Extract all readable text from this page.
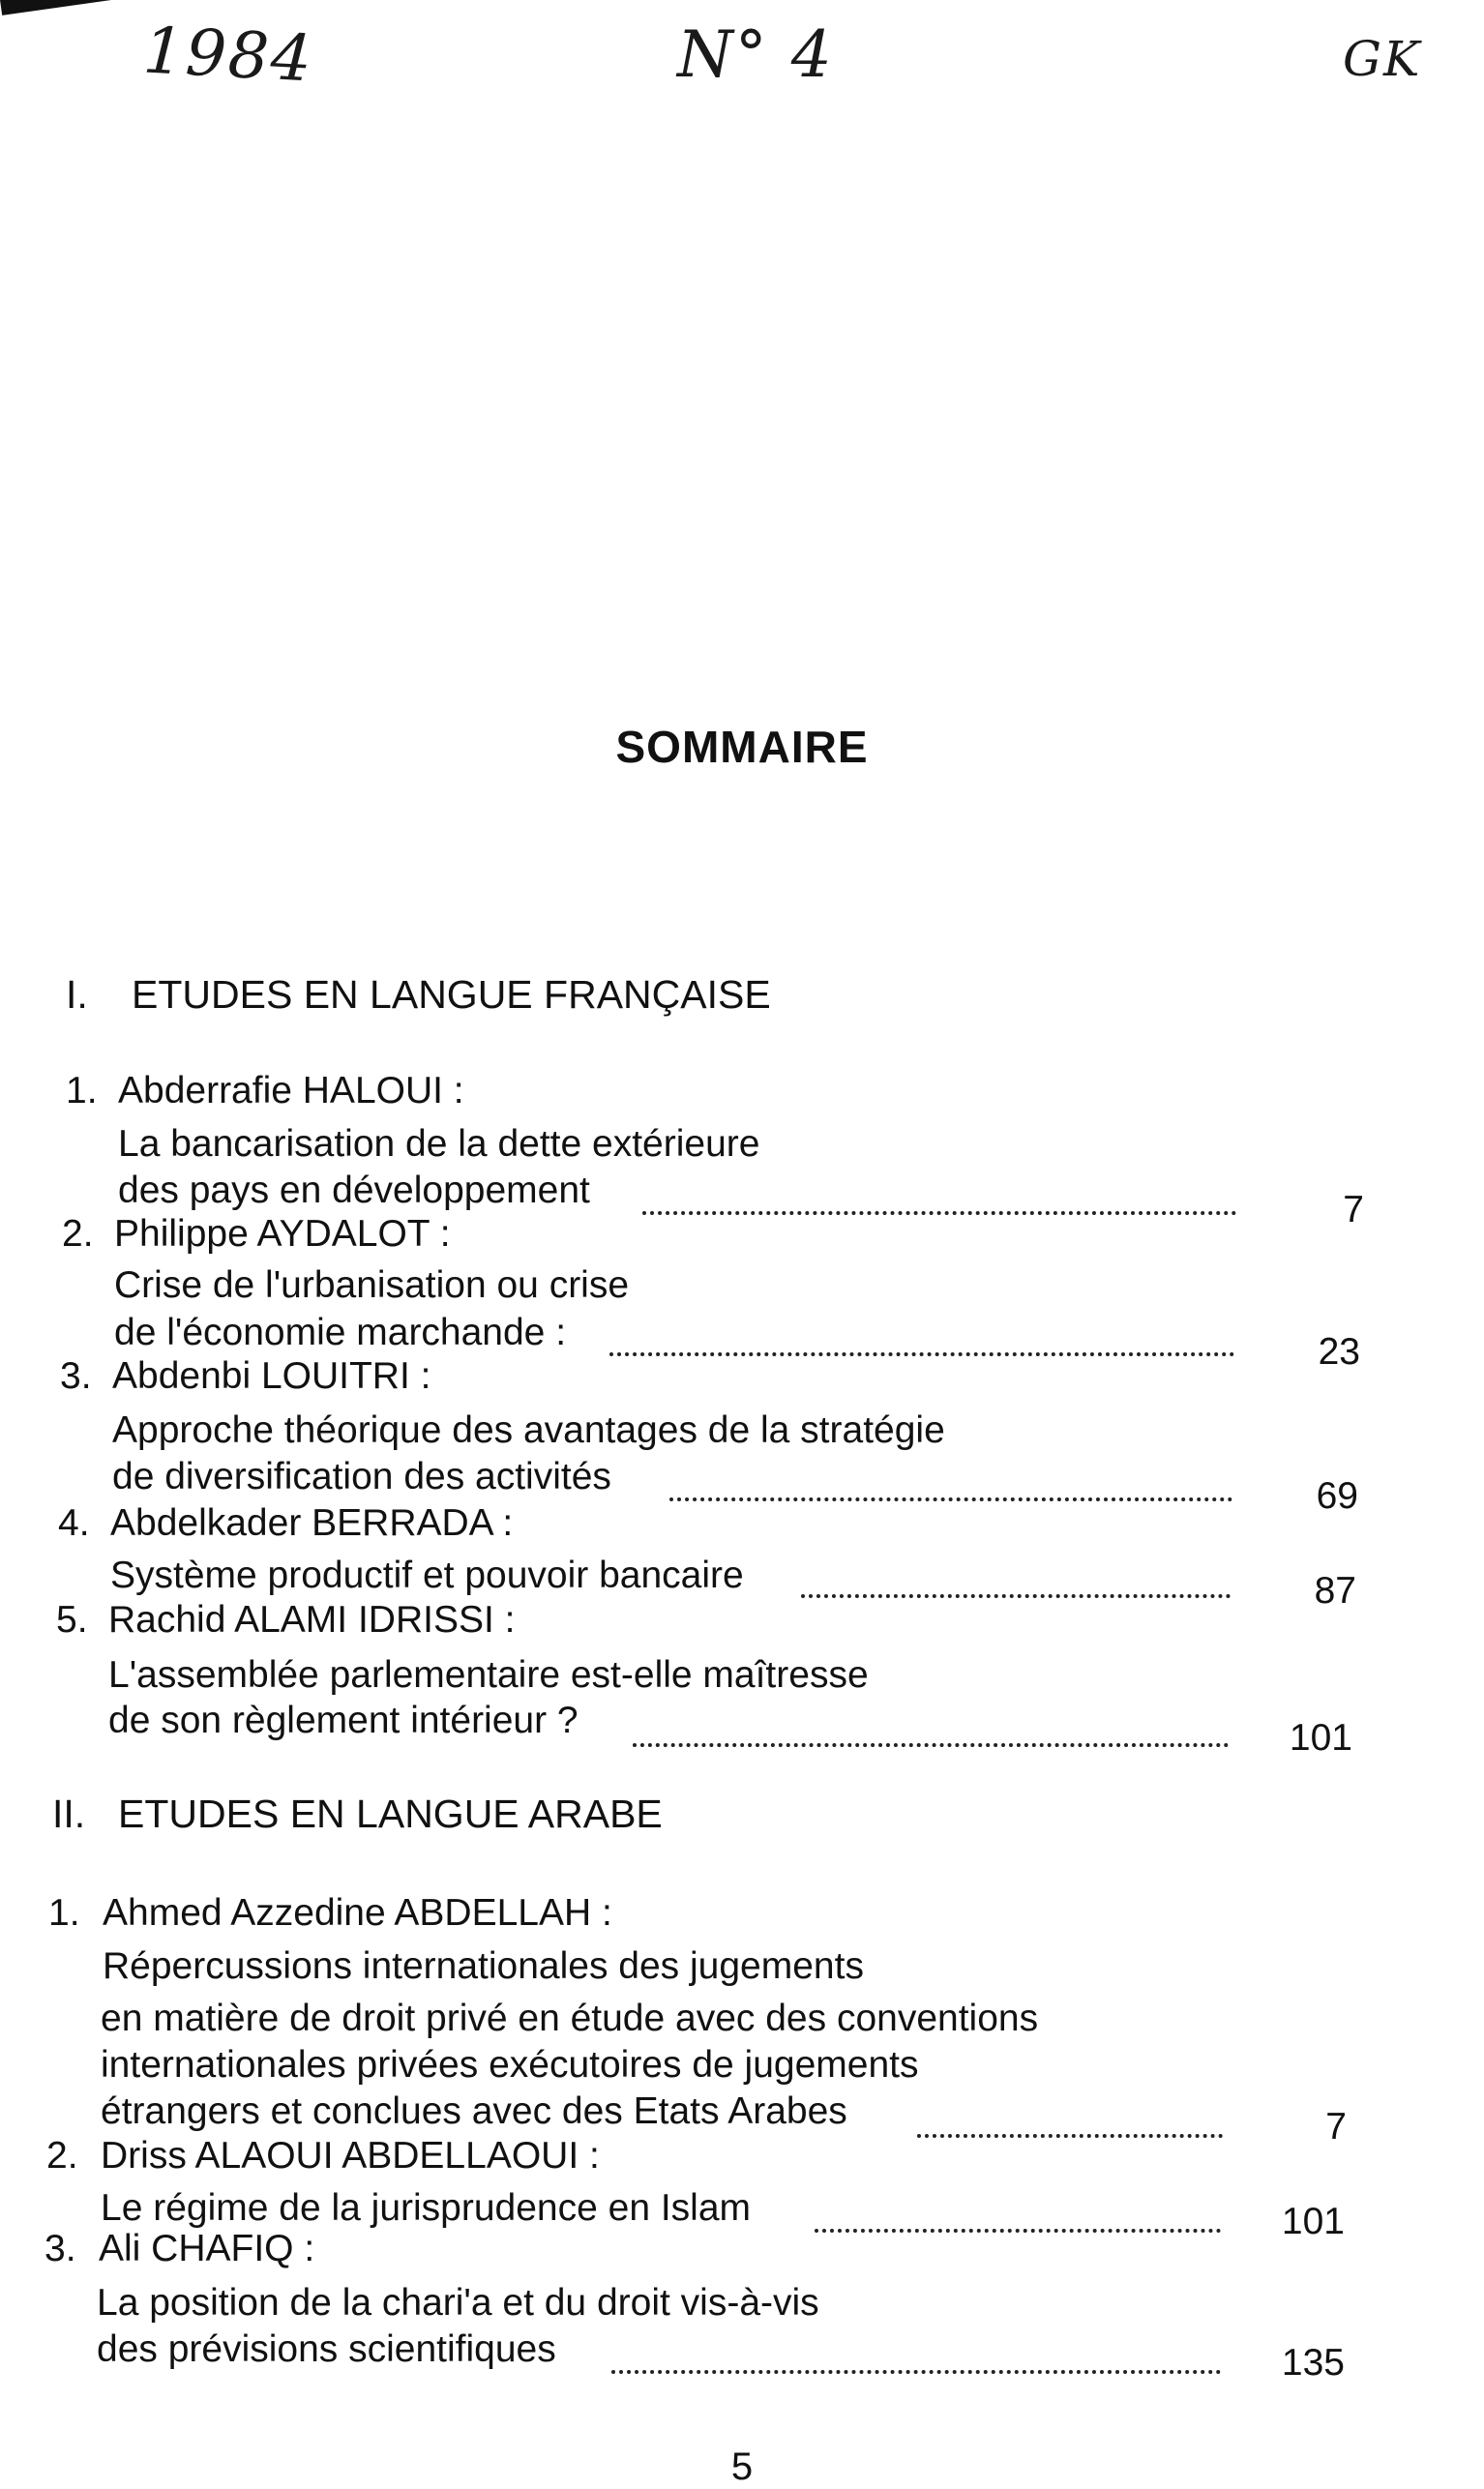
1984	N° 4	GK
SOMMAIRE
I. ETUDES EN LANGUE FRANÇAISE
1. Abderrafie HALOUI :
La bancarisation de la dette extérieure
des pays en développement	7
2. Philippe AYDALOT :
Crise de l'urbanisation ou crise
de l'économie marchande :	23
3. Abdenbi LOUITRI :
Approche théorique des avantages de la stratégie
de diversification des activités	69
4. Abdelkader BERRADA :
Système productif et pouvoir bancaire	87
5. Rachid ALAMI IDRISSI :
L'assemblée parlementaire est-elle maîtresse
de son règlement intérieur ?	101
II. ETUDES EN LANGUE ARABE
1. Ahmed Azzedine ABDELLAH :
Répercussions internationales des jugements
en matière de droit privé en étude avec des conventions
internationales privées exécutoires de jugements
étrangers et conclues avec des Etats Arabes	7
2. Driss ALAOUI ABDELLAOUI :
Le régime de la jurisprudence en Islam	101
3. Ali CHAFIQ :
La position de la chari'a et du droit vis-à-vis
des prévisions scientifiques	135
5
